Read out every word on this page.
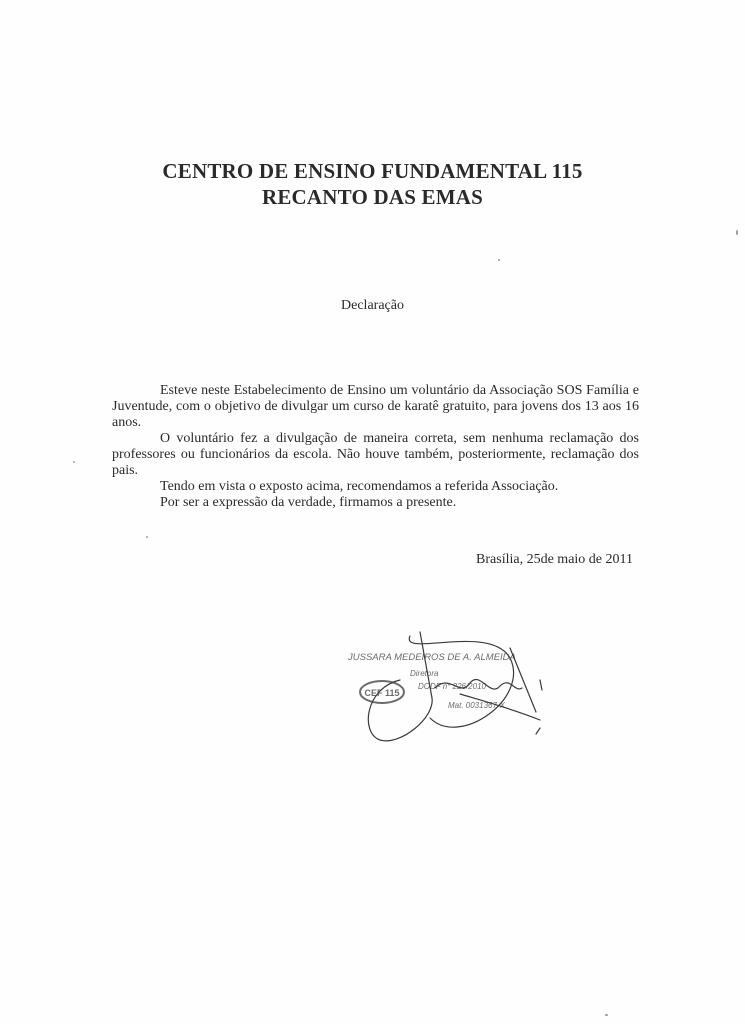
CENTRO DE ENSINO FUNDAMENTAL 115
RECANTO DAS EMAS
Declaração

Esteve neste Estabelecimento de Ensino um voluntário da Associação SOS Família e Juventude, com o objetivo de divulgar um curso de karatê gratuito, para jovens dos 13 aos 16 anos.

O voluntário fez a divulgação de maneira correta, sem nenhuma reclamação dos professores ou funcionários da escola. Não houve também, posteriormente, reclamação dos pais.

Tendo em vista o exposto acima, recomendamos a referida Associação.

Por ser a expressão da verdade, firmamos a presente.

Brasília, 25de maio de 2011
JUSSARA MEDEIROS DE A. ALMEIDA
Diretora
DODF n° 226/2010
Mat. 0031367-X
CEF 115
